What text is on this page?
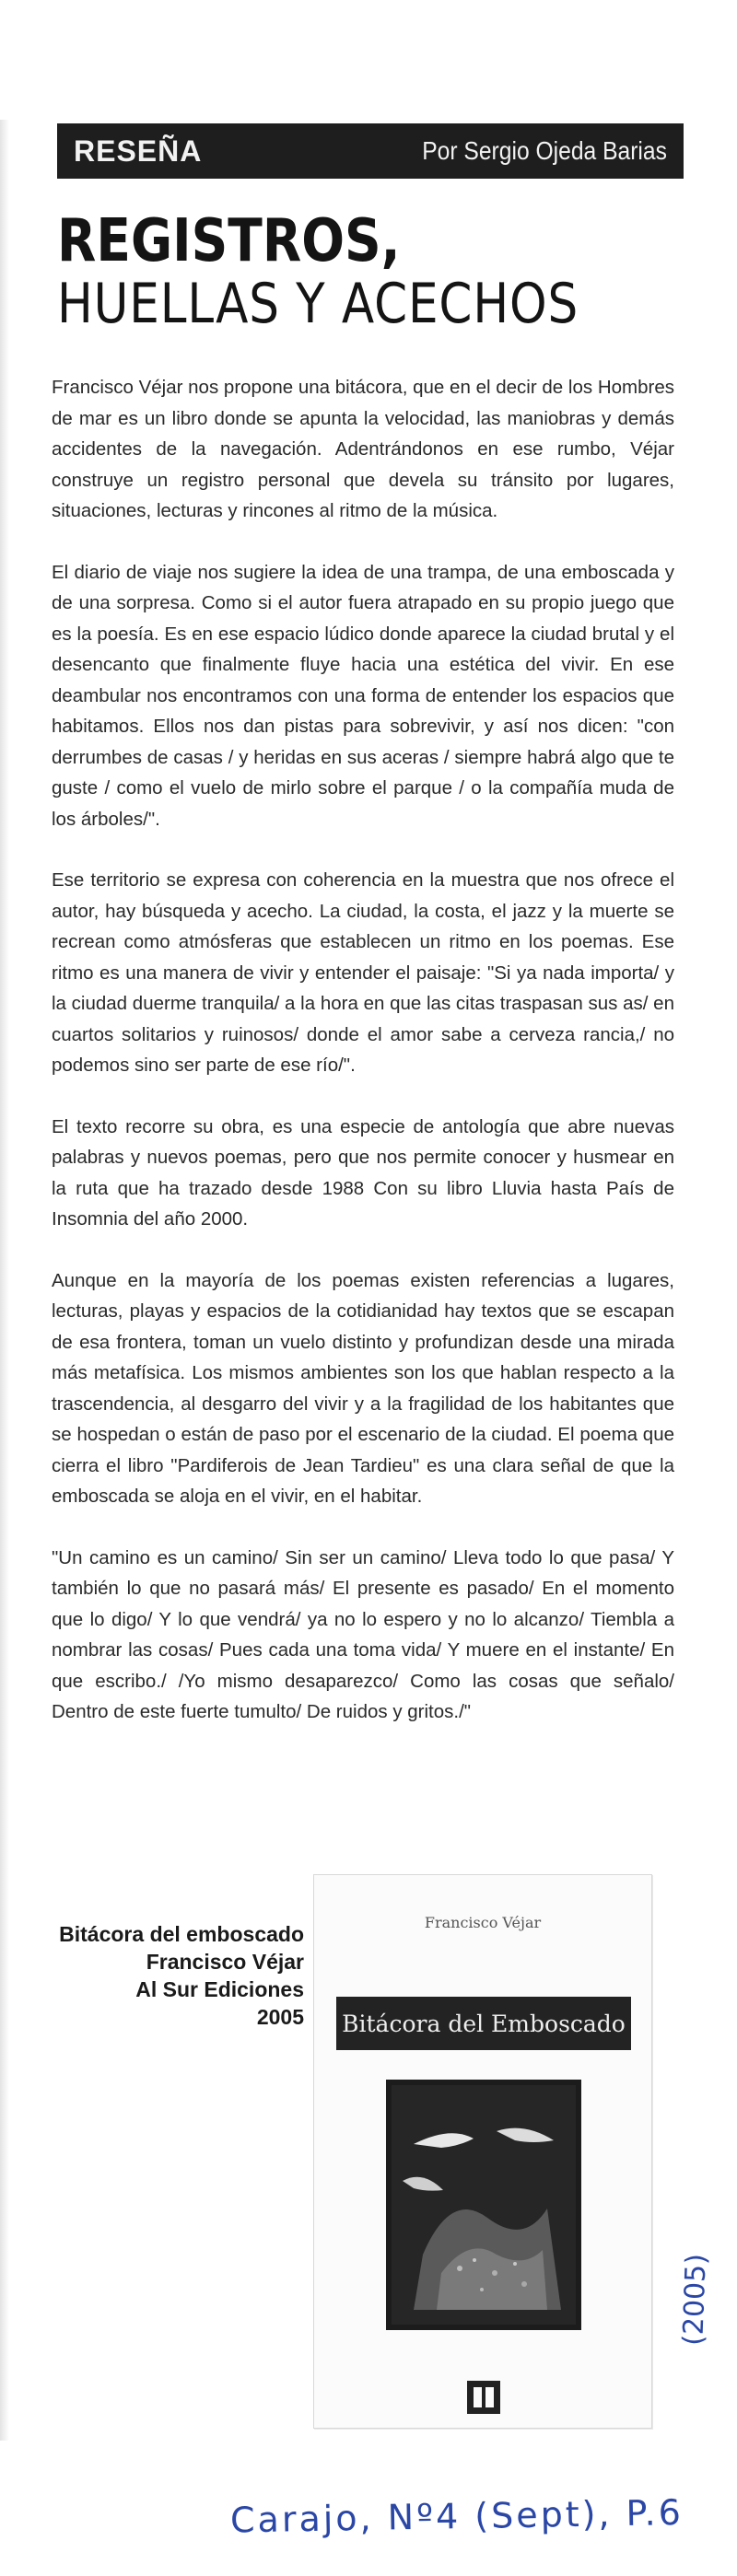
RESEÑA	Por Sergio Ojeda Barias
REGISTROS,
HUELLAS Y ACECHOS

Francisco Véjar nos propone una bitácora, que en el decir de los Hombres de mar es un libro donde se apunta la velocidad, las maniobras y demás accidentes de la navegación. Adentrándonos en ese rumbo, Véjar construye un registro personal que devela su tránsito por lugares, situaciones, lecturas y rincones al ritmo de la música.

El diario de viaje nos sugiere la idea de una trampa, de una emboscada y de una sorpresa. Como si el autor fuera atrapado en su propio juego que es la poesía. Es en ese espacio lúdico donde aparece la ciudad brutal y el desencanto que finalmente fluye hacia una estética del vivir. En ese deambular nos encontramos con una forma de entender los espacios que habitamos. Ellos nos dan pistas para sobrevivir, y así nos dicen: "con derrumbes de casas / y heridas en sus aceras / siempre habrá algo que te guste / como el vuelo de mirlo sobre el parque / o la compañía muda de los árboles/".

Ese territorio se expresa con coherencia en la muestra que nos ofrece el autor, hay búsqueda y acecho. La ciudad, la costa, el jazz y la muerte se recrean como atmósferas que establecen un ritmo en los poemas. Ese ritmo es una manera de vivir y entender el paisaje: "Si ya nada importa/ y la ciudad duerme tranquila/ a la hora en que las citas traspasan sus as/ en cuartos solitarios y ruinosos/ donde el amor sabe a cerveza rancia,/ no podemos sino ser parte de ese río/".

El texto recorre su obra, es una especie de antología que abre nuevas palabras y nuevos poemas, pero que nos permite conocer y husmear en la ruta que ha trazado desde 1988 Con su libro Lluvia hasta País de Insomnia del año 2000.

Aunque en la mayoría de los poemas existen referencias a lugares, lecturas, playas y espacios de la cotidianidad hay textos que se escapan de esa frontera, toman un vuelo distinto y profundizan desde una mirada más metafísica. Los mismos ambientes son los que hablan respecto a la trascendencia, al desgarro del vivir y a la fragilidad de los habitantes que se hospedan o están de paso por el escenario de la ciudad. El poema que cierra el libro "Pardiferois de Jean Tardieu" es una clara señal de que la emboscada se aloja en el vivir, en el habitar.

"Un camino es un camino/ Sin ser un camino/ Lleva todo lo que pasa/ Y también lo que no pasará más/ El presente es pasado/ En el momento que lo digo/ Y lo que vendrá/ ya no lo espero y no lo alcanzo/ Tiembla a nombrar las cosas/ Pues cada una toma vida/ Y muere en el instante/ En que escribo./ /Yo mismo desaparezco/ Como las cosas que señalo/ Dentro de este fuerte tumulto/ De ruidos y gritos./"

Bitácora del emboscado
Francisco Véjar
Al Sur Ediciones
2005
Francisco Véjar
Bitácora del Emboscado
(2005)
Carajo, Nº4 (Sept), P.6
